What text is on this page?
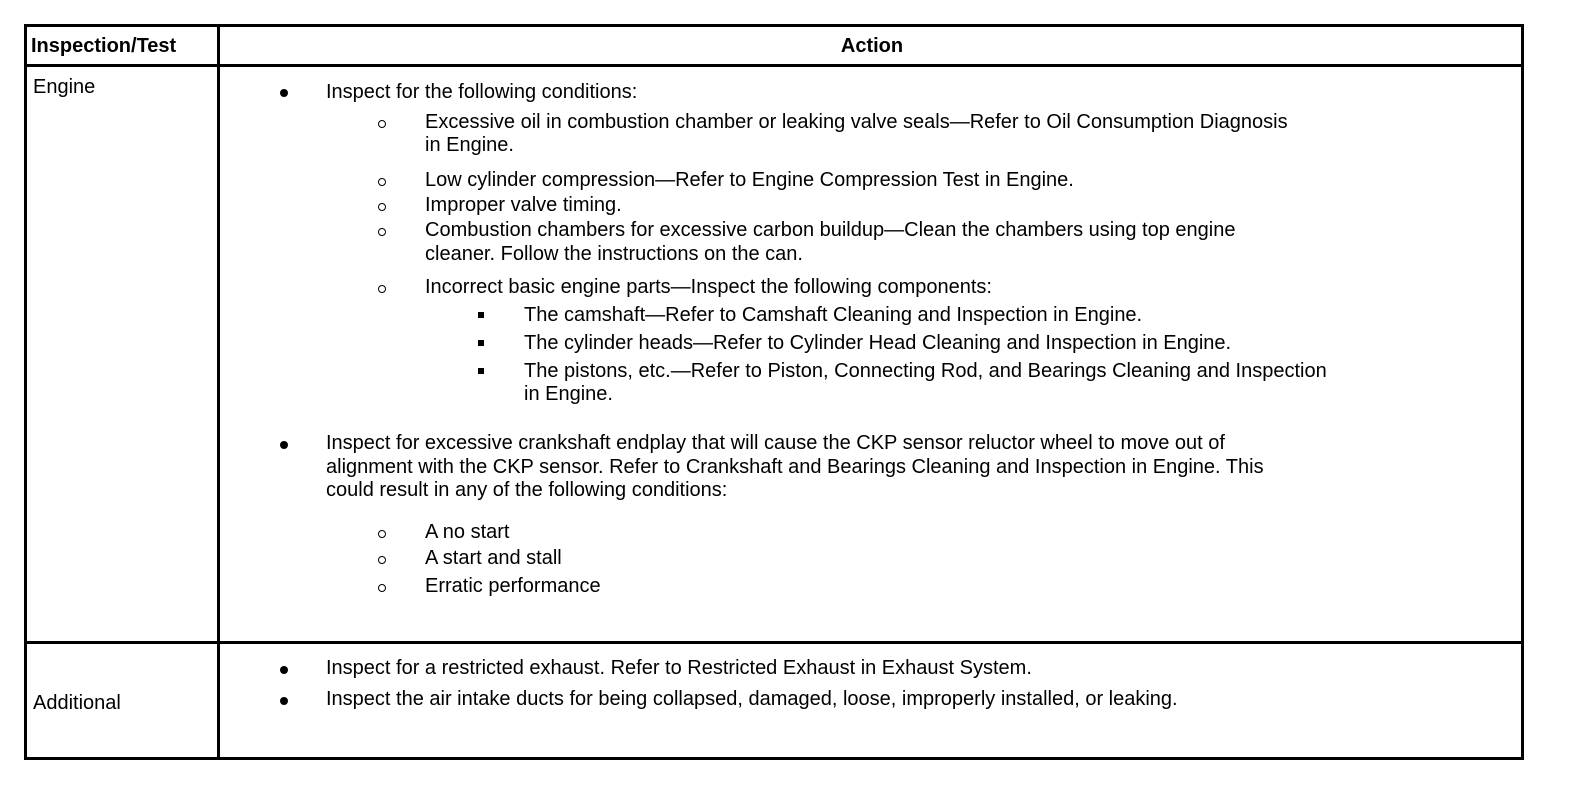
Inspection/Test	Action
Engine	Inspect for the following conditions:
Excessive oil in combustion chamber or leaking valve seals—Refer to Oil Consumption Diagnosis
in Engine.
Low cylinder compression—Refer to Engine Compression Test in Engine.
Improper valve timing.
Combustion chambers for excessive carbon buildup—Clean the chambers using top engine
cleaner. Follow the instructions on the can.
Incorrect basic engine parts—Inspect the following components:
The camshaft—Refer to Camshaft Cleaning and Inspection in Engine.
The cylinder heads—Refer to Cylinder Head Cleaning and Inspection in Engine.
The pistons, etc.—Refer to Piston, Connecting Rod, and Bearings Cleaning and Inspection
in Engine.
Inspect for excessive crankshaft endplay that will cause the CKP sensor reluctor wheel to move out of
alignment with the CKP sensor. Refer to Crankshaft and Bearings Cleaning and Inspection in Engine. This
could result in any of the following conditions:
A no start
A start and stall
Erratic performance
Additional
Inspect for a restricted exhaust. Refer to Restricted Exhaust in Exhaust System.
Inspect the air intake ducts for being collapsed, damaged, loose, improperly installed, or leaking.
